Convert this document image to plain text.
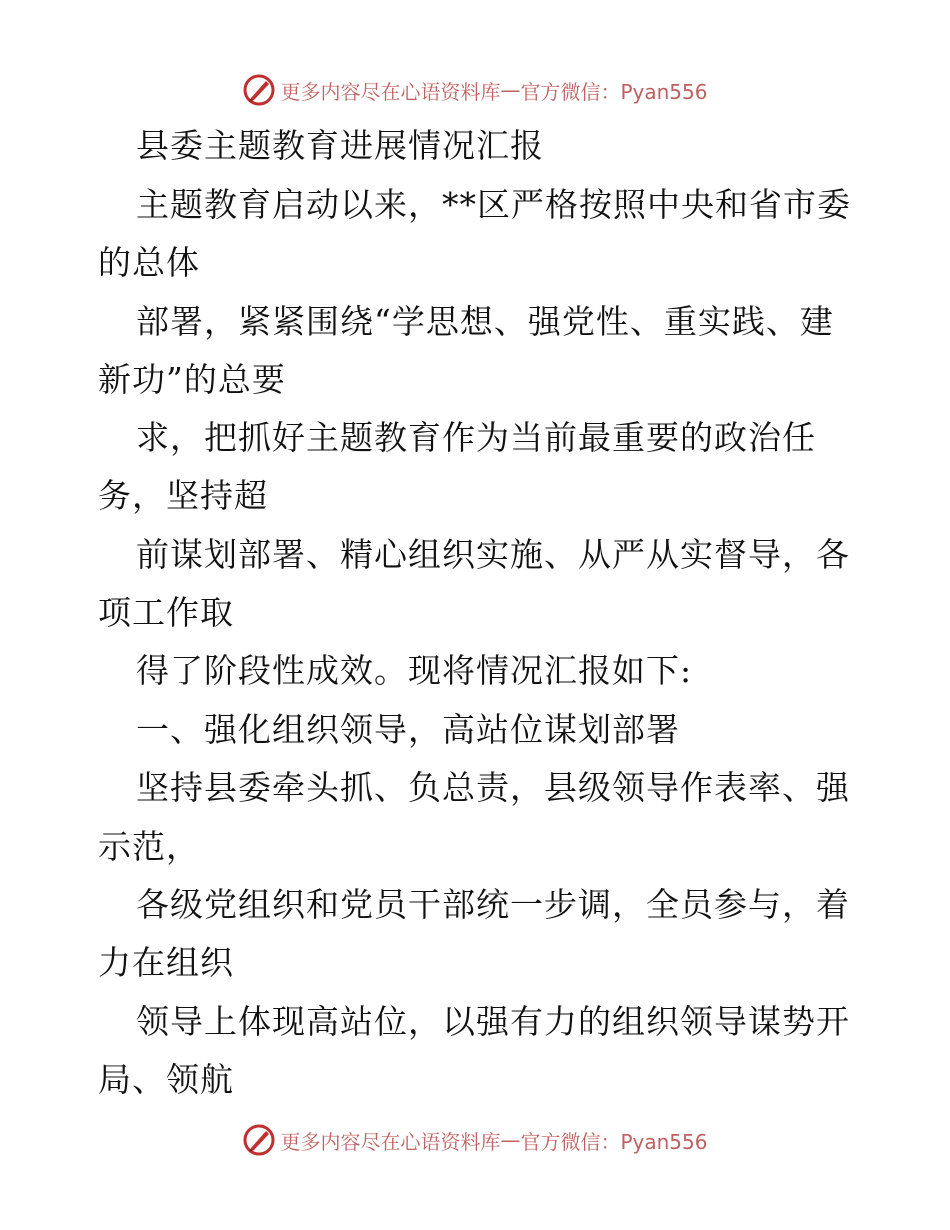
更多内容尽在心语资料库 — 官方微信：Pyan556
县委主题教育进展情况汇报
主题教育启动以来，**区严格按照中央和省市委
的总体
部署，紧紧围绕“学思想、强党性、重实践、建
新功”的总要
求，把抓好主题教育作为当前最重要的政治任
务，坚持超
前谋划部署、精心组织实施、从严从实督导，各
项工作取
得了阶段性成效。现将情况汇报如下:
一、强化组织领导，高站位谋划部署
坚持县委牵头抓、负总责，县级领导作表率、强
示范，
各级党组织和党员干部统一步调，全员参与，着
力在组织
领导上体现高站位，以强有力的组织领导谋势开
局、领航
更多内容尽在心语资料库 — 官方微信：Pyan556
